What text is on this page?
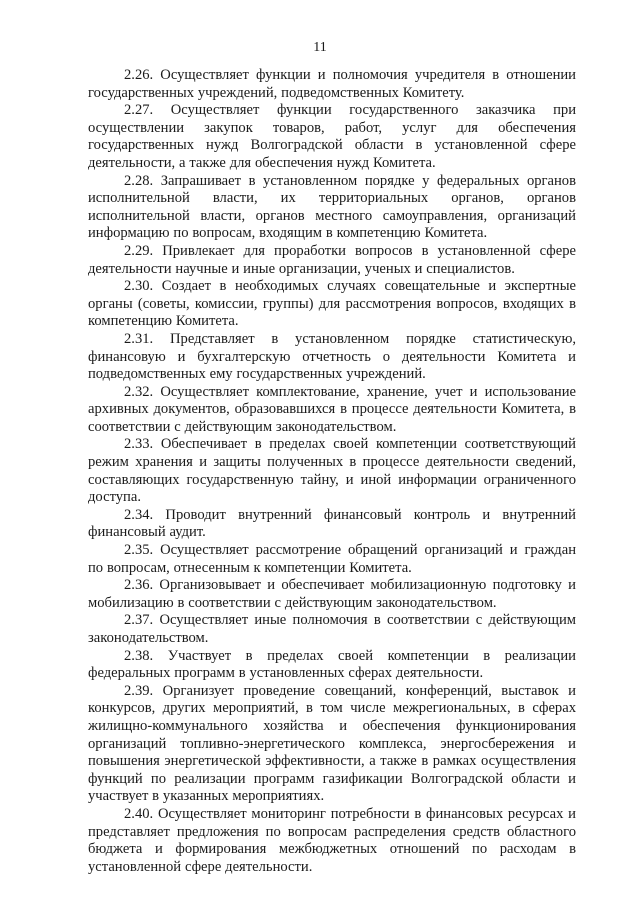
11

2.26. Осуществляет функции и полномочия учредителя в отношении государственных учреждений, подведомственных Комитету.

2.27. Осуществляет функции государственного заказчика при осуществлении закупок товаров, работ, услуг для обеспечения государственных нужд Волгоградской области в установленной сфере деятельности, а также для обеспечения нужд Комитета.

2.28. Запрашивает в установленном порядке у федеральных органов исполнительной власти, их территориальных органов, органов исполнительной власти, органов местного самоуправления, организаций информацию по вопросам, входящим в компетенцию Комитета.

2.29. Привлекает для проработки вопросов в установленной сфере деятельности научные и иные организации, ученых и специалистов.

2.30. Создает в необходимых случаях совещательные и экспертные органы (советы, комиссии, группы) для рассмотрения вопросов, входящих в компетенцию Комитета.

2.31. Представляет в установленном порядке статистическую, финансовую и бухгалтерскую отчетность о деятельности Комитета и подведомственных ему государственных учреждений.

2.32. Осуществляет комплектование, хранение, учет и использование архивных документов, образовавшихся в процессе деятельности Комитета, в соответствии с действующим законодательством.

2.33. Обеспечивает в пределах своей компетенции соответствующий режим хранения и защиты полученных в процессе деятельности сведений, составляющих государственную тайну, и иной информации ограниченного доступа.

2.34. Проводит внутренний финансовый контроль и внутренний финансовый аудит.

2.35. Осуществляет рассмотрение обращений организаций и граждан по вопросам, отнесенным к компетенции Комитета.

2.36. Организовывает и обеспечивает мобилизационную подготовку и мобилизацию в соответствии с действующим законодательством.

2.37. Осуществляет иные полномочия в соответствии с действующим законодательством.

2.38. Участвует в пределах своей компетенции в реализации федеральных программ в установленных сферах деятельности.

2.39. Организует проведение совещаний, конференций, выставок и конкурсов, других мероприятий, в том числе межрегиональных, в сферах жилищно-коммунального хозяйства и обеспечения функционирования организаций топливно-энергетического комплекса, энергосбережения и повышения энергетической эффективности, а также в рамках осуществления функций по реализации программ газификации Волгоградской области и участвует в указанных мероприятиях.

2.40. Осуществляет мониторинг потребности в финансовых ресурсах и представляет предложения по вопросам распределения средств областного бюджета и формирования межбюджетных отношений по расходам в установленной сфере деятельности.
